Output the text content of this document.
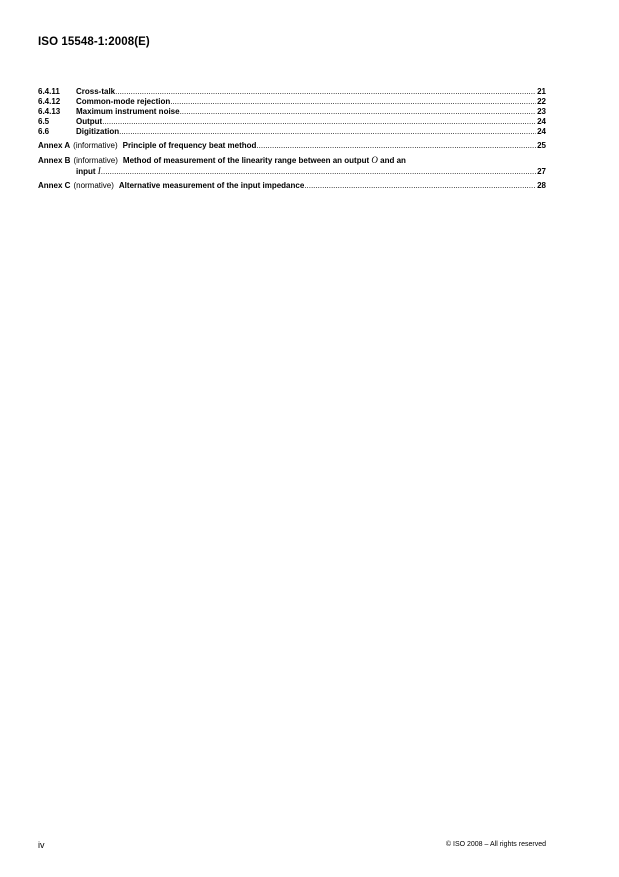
ISO 15548-1:2008(E)
6.4.11	Cross-talk .....	21
6.4.12	Common-mode rejection .....	22
6.4.13	Maximum instrument noise .....	23
6.5	Output .....	24
6.6	Digitization .....	24
Annex A (informative) Principle of frequency beat method .....	25
Annex B (informative) Method of measurement of the linearity range between an output O and an
input I .....	27
Annex C (normative) Alternative measurement of the input impedance .....	28
iv	© ISO 2008 – All rights reserved
